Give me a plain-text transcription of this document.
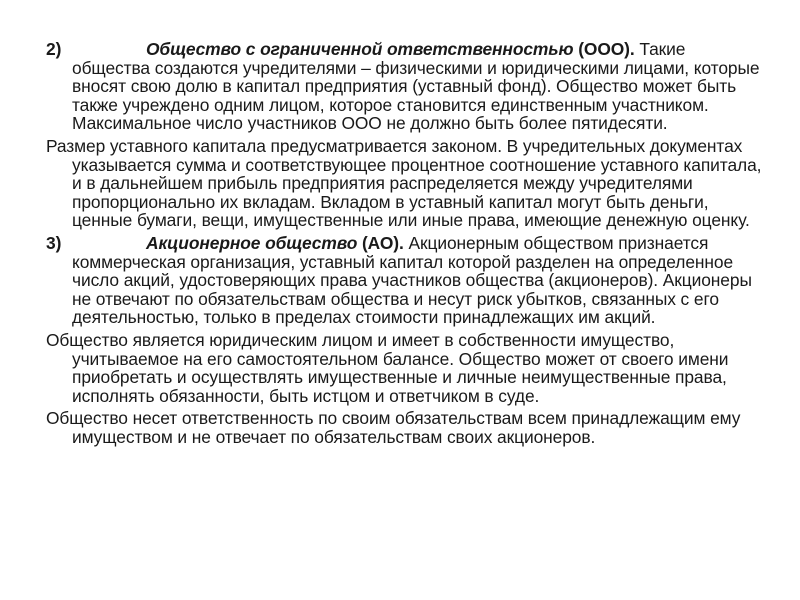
2)	Общество с ограниченной ответственностью (ООО). Такие общества создаются учредителями – физическими и юридическими лицами, которые вносят свою долю в капитал предприятия (уставный фонд). Общество может быть также учреждено одним лицом, которое становится единственным участником. Максимальное число участников ООО не должно быть более пятидесяти.

Размер уставного капитала предусматривается законом. В учредительных документах указывается сумма и соответствующее процентное соотношение уставного капитала, и в дальнейшем прибыль предприятия распределяется между учредителями пропорционально их вкладам. Вкладом в уставный капитал могут быть деньги, ценные бумаги, вещи, имущественные или иные права, имеющие денежную оценку.

3)	Акционерное общество (АО). Акционерным обществом признается коммерческая организация, уставный капитал которой разделен на определенное число акций, удостоверяющих права участников общества (акционеров). Акционеры не отвечают по обязательствам общества и несут риск убытков, связанных с его деятельностью, только в пределах стоимости принадлежащих им акций.

Общество является юридическим лицом и имеет в собственности имущество, учитываемое на его самостоятельном балансе. Общество может от своего имени приобретать и осуществлять имущественные и личные неимущественные права, исполнять обязанности, быть истцом и ответчиком в суде.

Общество несет ответственность по своим обязательствам всем принадлежащим ему имуществом и не отвечает по обязательствам своих акционеров.
